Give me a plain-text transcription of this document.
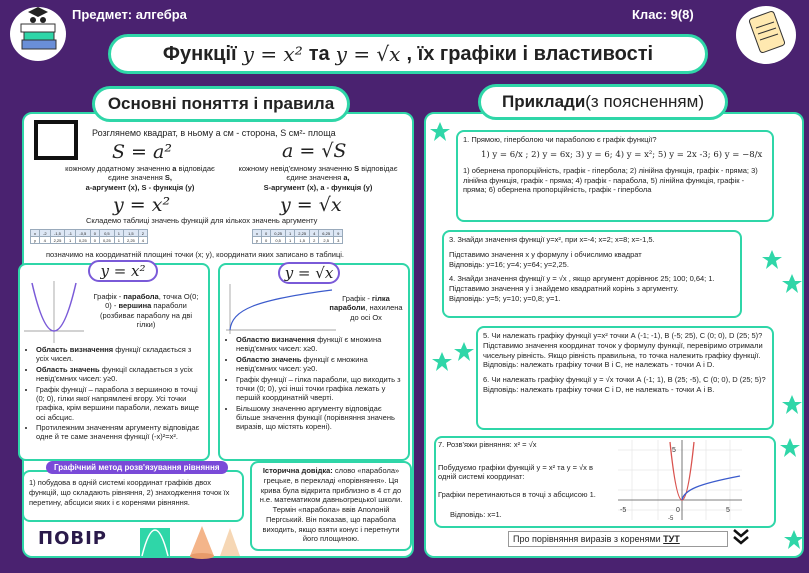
Предмет: алгебра	Клас: 9(8)
Функції y = x² та y = √x , їх графіки і властивості
Основні поняття і правила
Розглянемо квадрат, в ньому а см - сторона, S см²- площа
S = a²	a = √S
кожному додатному значенню а відповідає єдине значення S,
а-аргумент (х), S - функція (у)
кожному невід'ємному значенню S відповідає єдине значення а,
S-аргумент (х), а - функція (у)
y = x²	y = √x
Складемо таблиці значень функцій для кількох значень аргументу
x	-2	-1,5	-1	-0,5	0	0,5	1	1,5	2
y	4	2,25	1	0,25	0	0,25	1	2,25	4
x	0	0,25	1	2,25	4	6,25	9
y	0	0,5	1	1,5	2	2,5	3
позначимо на координатній площині точки (х; у), координати яких записано в таблиці.
y = x²
Графік - парабола, точка О(0; 0) - вершина параболи (розбиває параболу на дві гілки)
• Область визначення функції складається з усіх чисел.
• Область значень функції складається з усіх невід'ємних чисел: у≥0.
• Графік функції – парабола з вершиною в точці (0; 0), гілки якої напрямлені вгору. Усі точки графіка, крім вершини параболи, лежать вище осі абсцис.
• Протилежним значенням аргументу відповідає одне й те саме значення функції (-х)²=х².
y = √x
Графік - гілка параболи, нахилена до осі Ох
• Областю визначення функції є множина невід'ємних чисел: х≥0.
• Областю значень функції є множина невід'ємних чисел: у≥0.
• Графік функції – гілка параболи, що виходить з точки (0; 0), усі інші точки графіка лежать у першій координатній чверті.
• Більшому значенню аргументу відповідає більше значення функції (порівняння значень виразів, що містять корені).
1) побудова в одній системі координат графіків двох функцій, що складають рівняння, 2) знаходження точок їх перетину, абсциси яких і є коренями рівняння.
Графічний метод розв'язування рівняння	Історична довідка: слово «парабола» грецьке, в перекладі «порівняння». Ця крива була відкрита приблизно в 4 ст до н.е. математиком давньогрецької школи. Термін «парабола» ввів Аполоній Пергський. Він показав, що парабола виходить, якщо взяти конус і перетнути його площиною.
ПОВІР
Приклади (з поясненням)
1. Прямою, гіперболою чи параболою є графік функції?
1) y = 6/x ; 2) y = 6x; 3) y = 6; 4) y = x²; 5) y = 2x -3; 6) y = −8/x
1) обернена пропорційність, графік - гіпербола; 2) лінійна функція, графік - пряма; 3) лінійна функція, графік - пряма; 4) графік - парабола, 5) лінійна функція, графік - пряма; 6) обернена пропорційність, графік - гіпербола
3. Знайди значення функції у=х², при х=-4; х=2; х=8; х=-1,5.
Підставимо значення х у формулу і обчислимо квадрат
Відповідь: у=16; у=4; у=64; у=2,25.
4. Знайди значення функції y = √x , якщо аргумент дорівнює 25; 100; 0,64; 1.
Підставимо значення у і знайдемо квадратний корінь з аргументу.
Відповідь: у=5; у=10; у=0,8; у=1.
5. Чи належать графіку функції у=х² точки А (-1; -1), В (-5; 25), С (0; 0), D (25; 5)?
Підставимо значення координат точок у формулу функції, перевіримо отримали чисельну рівність. Якщо рівність правильна, то точка належить графіку функції.
Відповідь: належать графіку точки В і С, не належать - точки А і D.
6. Чи належать графіку функції y = √x точки А (-1; 1), В (25; -5), С (0; 0), D (25; 5)?
Відповідь: належать графіку точки С і D, не належать - точки А і В.
7. Розв'яжи рівняння: x² = √x
Побудуємо графіки функцій y = x² та y = √x в одній системі координат:
Графіки перетинаються в точці з абсцисою 1.
Відповідь: х=1.	-5	0	5
5
-5
Про порівняння виразів з коренями ТУТ
